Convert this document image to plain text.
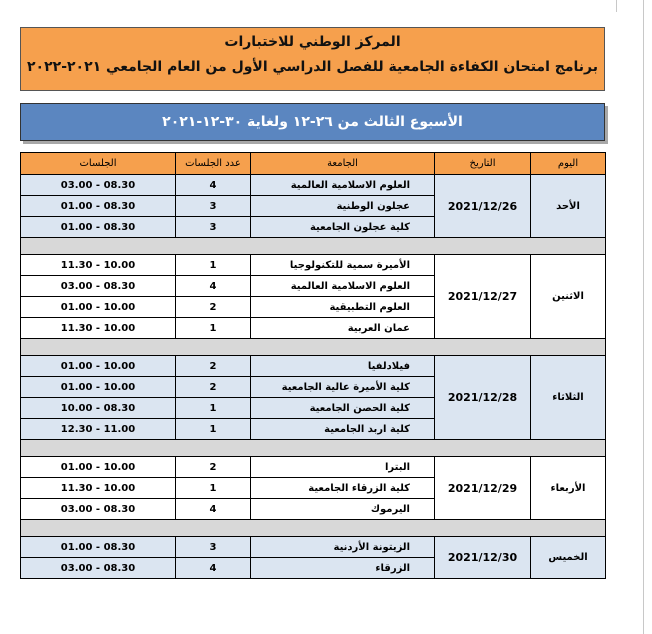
المركز الوطني للاختبارات
برنامج امتحان الكفاءة الجامعية للفصل الدراسي الأول من العام الجامعي ٢٠٢١-٢٠٢٢
الأسبوع الثالث من ٢٦-١٢ ولغاية ٣٠-١٢-٢٠٢١
اليوم	التاريخ	الجامعة	عدد الجلسات	الجلسات
الأحد	2021/12/26	العلوم الاسلامية العالمية	4	08.30 - 03.00
		عجلون الوطنية	3	08.30 - 01.00
		كلية عجلون الجامعية	3	08.30 - 01.00

الاثنين	2021/12/27	الأميرة سمية للتكنولوجيا	1	10.00 - 11.30
		العلوم الاسلامية العالمية	4	08.30 - 03.00
		العلوم التطبيقية	2	10.00 - 01.00
		عمان العربية	1	10.00 - 11.30

الثلاثاء	2021/12/28	فيلادلفيا	2	10.00 - 01.00
		كلية الأميرة عالية الجامعية	2	10.00 - 01.00
		كلية الحصن الجامعية	1	08.30 - 10.00
		كلية اربد الجامعية	1	11.00 - 12.30

الأربعاء	2021/12/29	البترا	2	10.00 - 01.00
		كلية الزرقاء الجامعية	1	10.00 - 11.30
		اليرموك	4	08.30 - 03.00

الخميس	2021/12/30	الزيتونة الأردنية	3	08.30 - 01.00
		الزرقاء	4	08.30 - 03.00
